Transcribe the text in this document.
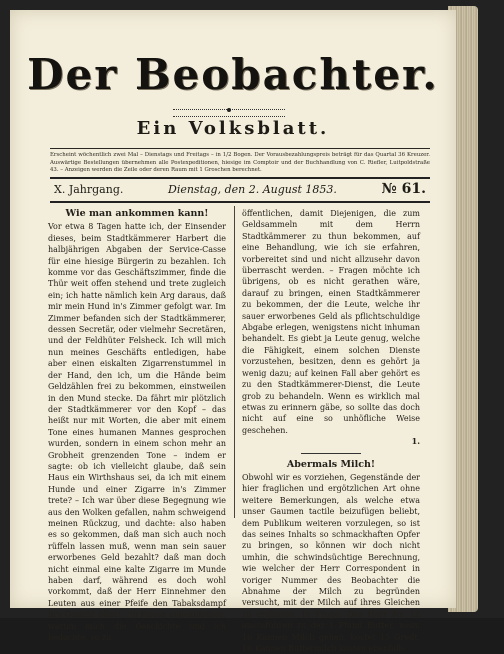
Der Beobachter.
Ein Volksblatt.
Erscheint wöchentlich zwei Mal – Dienstags und Freitags – in 1/2 Bogen. Der Vorausbezahlungspreis beträgt für das Quartal 36 Kreuzer. Auswärtige Bestellungen übernehmen alle Postexpeditionen, hiesige im Comptoir und der Buchhandlung von C. Riefler, Luitpoldstraße 43. – Anzeigen werden die Zeile oder deren Raum mit 1 Groschen berechnet.
X. Jahrgang.	Dienstag, den 2. August 1853.	№ 61.

Wie man ankommen kann!

Vor etwa 8 Tagen hatte ich, der Einsender dieses, beim Stadtkämmerer Harbert die halbjährigen Abgaben der Service-Casse für eine hiesige Bürgerin zu bezahlen. Ich komme vor das Geschäftszimmer, finde die Thür weit offen stehend und trete zugleich ein; ich hatte nämlich kein Arg daraus, daß mir mein Hund in's Zimmer gefolgt war. Im Zimmer befanden sich der Stadtkämmerer, dessen Secretär, oder vielmehr Secretären, und der Feldhüter Felsheck. Ich will mich nun meines Geschäfts entledigen, habe aber einen eiskalten Zigarrenstummel in der Hand, den ich, um die Hände beim Geldzählen frei zu bekommen, einstweilen in den Mund stecke. Da fährt mir plötzlich der Stadtkämmerer vor den Kopf – das heißt nur mit Worten, die aber mit einem Tone eines humanen Mannes gesprochen wurden, sondern in einem schon mehr an Grobheit grenzenden Tone – indem er sagte: ob ich vielleicht glaube, daß sein Haus ein Wirthshaus sei, da ich mit einem Hunde und einer Zigarre in's Zimmer trete? – Ich war über diese Begegnung wie aus den Wolken gefallen, nahm schweigend meinen Rückzug, und dachte: also haben es so gekommen, daß man sich auch noch rüffeln lassen muß, wenn man sein sauer erworbenes Geld bezahlt? daß man doch nicht einmal eine kalte Zigarre im Munde haben darf, während es doch wohl vorkommt, daß der Herr Einnehmer den Leuten aus einer Pfeife den Tabaksdampf in's Gesicht bläst! – In Hause angekommen, warum mich die Geschichte und ich bedachte, so zu

öffentlichen, damit Diejenigen, die zum Geldsammeln mit dem Herrn Stadtkämmerer zu thun bekommen, auf eine Behandlung, wie ich sie erfahren, vorbereitet sind und nicht allzusehr davon überrascht werden. – Fragen möchte ich übrigens, ob es nicht gerathen wäre, darauf zu bringen, einen Stadtkämmerer zu bekommen, der die Leute, welche ihr sauer erworbenes Geld als pflichtschuldige Abgabe erlegen, wenigstens nicht inhuman behandelt. Es giebt ja Leute genug, welche die Fähigkeit, einem solchen Dienste vorzustehen, besitzen, denn es gehört ja wenig dazu; auf keinen Fall aber gehört es zu den Stadtkämmerer-Dienst, die Leute grob zu behandeln. Wenn es wirklich mal etwas zu erinnern gäbe, so sollte das doch nicht auf eine so unhöfliche Weise geschehen.

1.

Abermals Milch!

Obwohl wir es vorziehen, Gegenstände der hier fraglichen und ergötzlichen Art ohne weitere Bemerkungen, als welche etwa unser Gaumen tactile beizufügen beliebt, dem Publikum weiteren vorzulegen, so ist das seines Inhalts so schmackhaften Opfer zu bringen, so können wir doch nicht umhin, die schwindsüchtige Berechnung, wie welcher der Herr Correspondent in voriger Nummer des Beobachter die Abnahme der Milch zu begründen versucht, mit der Milch auf ihres Gleichen zu ergänzen. In Frage: Der Herr Nr. 12 auszuführen zu der 1 Pfund Butter, wozu 10 Kannen Milch gehen, kostet 15 Gredt. 10 Kannen Buttermilch kosten ebenfalls
